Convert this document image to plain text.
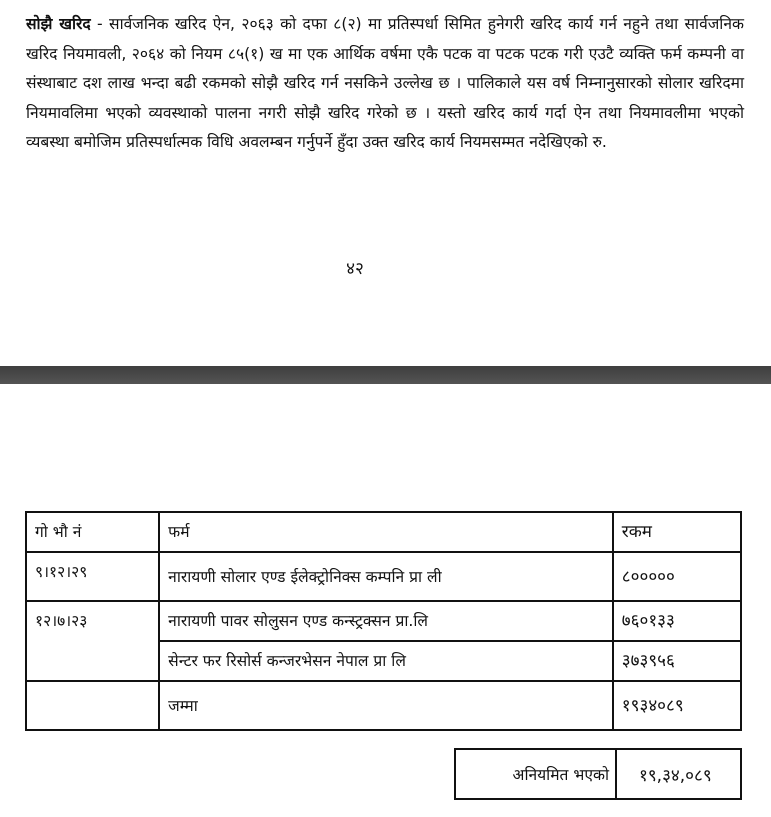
सोझै खरिद - सार्वजनिक खरिद ऐन, २०६३ को दफा ८(२) मा प्रतिस्पर्धा सिमित हुनेगरी खरिद कार्य गर्न नहुने तथा सार्वजनिक खरिद नियमावली, २०६४ को नियम ८५(१) ख मा एक आर्थिक वर्षमा एकै पटक वा पटक पटक गरी एउटै व्यक्ति फर्म कम्पनी वा संस्थाबाट दश लाख भन्दा बढी रकमको सोझै खरिद गर्न नसकिने उल्लेख छ । पालिकाले यस वर्ष निम्नानुसारको सोलार खरिदमा नियमावलिमा भएको व्यवस्थाको पालना नगरी सोझै खरिद गरेको छ । यस्तो खरिद कार्य गर्दा ऐन तथा नियमावलीमा भएको व्यबस्था बमोजिम प्रतिस्पर्धात्मक विधि अवलम्बन गर्नुपर्ने हुँदा उक्त खरिद कार्य नियमसम्मत नदेखिएको रु.

४२
गो भौ नं	फर्म	रकम
९।१२।२९	नारायणी सोलार एण्ड ईलेक्ट्रोनिक्स कम्पनि प्रा ली	८०००००
१२।७।२३	नारायणी पावर सोलुसन एण्ड कन्स्ट्रक्सन प्रा.लि	७६०१३३
	सेन्टर फर रिसोर्स कन्जरभेसन नेपाल प्रा लि	३७३९५६
	जम्मा	१९३४०८९
अनियमित भएको	१९,३४,०८९
